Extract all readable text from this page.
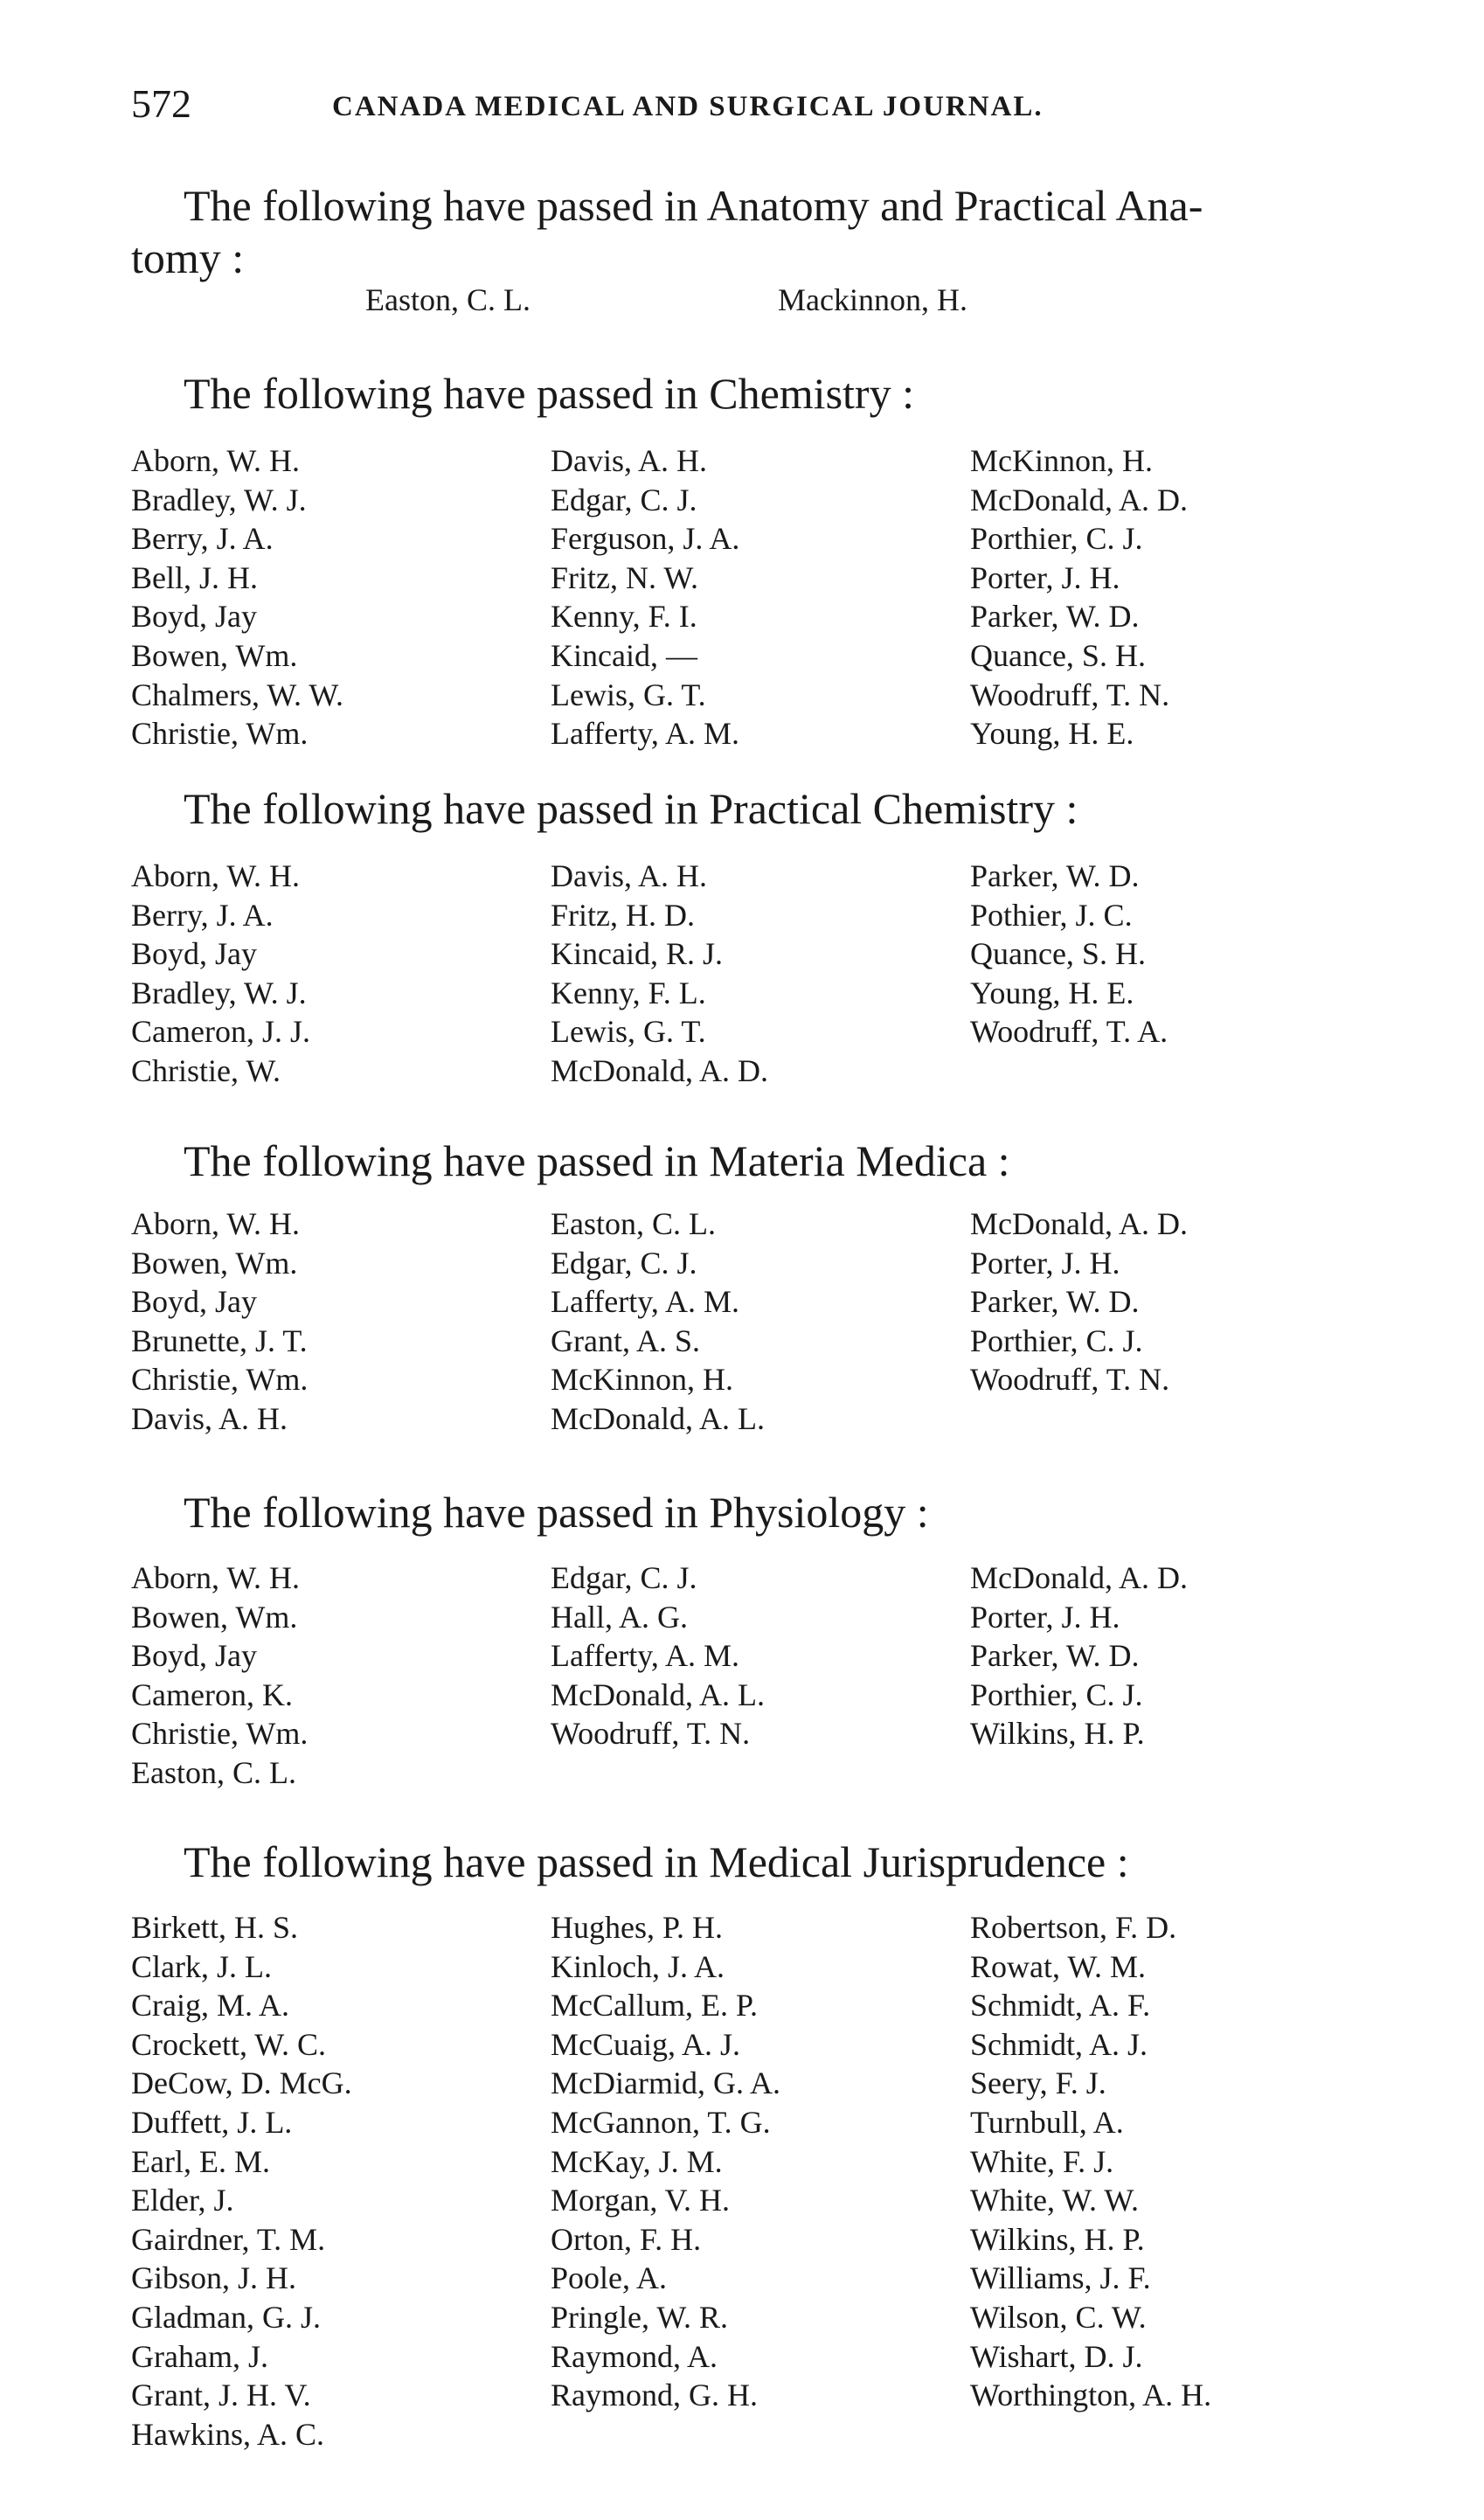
572	CANADA MEDICAL AND SURGICAL JOURNAL.
The following have passed in Anatomy and Practical Ana-
tomy :
Easton, C. L.	Mackinnon, H.
The following have passed in Chemistry :
Aborn, W. H.
Bradley, W. J.
Berry, J. A.
Bell, J. H.
Boyd, Jay
Bowen, Wm.
Chalmers, W. W.
Christie, Wm.
Davis, A. H.
Edgar, C. J.
Ferguson, J. A.
Fritz, N. W.
Kenny, F. I.
Kincaid, —
Lewis, G. T.
Lafferty, A. M.
McKinnon, H.
McDonald, A. D.
Porthier, C. J.
Porter, J. H.
Parker, W. D.
Quance, S. H.
Woodruff, T. N.
Young, H. E.
The following have passed in Practical Chemistry :
Aborn, W. H.
Berry, J. A.
Boyd, Jay
Bradley, W. J.
Cameron, J. J.
Christie, W.
Davis, A. H.
Fritz, H. D.
Kincaid, R. J.
Kenny, F. L.
Lewis, G. T.
McDonald, A. D.
Parker, W. D.
Pothier, J. C.
Quance, S. H.
Young, H. E.
Woodruff, T. A.
The following have passed in Materia Medica :
Aborn, W. H.
Bowen, Wm.
Boyd, Jay
Brunette, J. T.
Christie, Wm.
Davis, A. H.
Easton, C. L.
Edgar, C. J.
Lafferty, A. M.
Grant, A. S.
McKinnon, H.
McDonald, A. L.
McDonald, A. D.
Porter, J. H.
Parker, W. D.
Porthier, C. J.
Woodruff, T. N.
The following have passed in Physiology :
Aborn, W. H.
Bowen, Wm.
Boyd, Jay
Cameron, K.
Christie, Wm.
Easton, C. L.
Edgar, C. J.
Hall, A. G.
Lafferty, A. M.
McDonald, A. L.
Woodruff, T. N.
McDonald, A. D.
Porter, J. H.
Parker, W. D.
Porthier, C. J.
Wilkins, H. P.
The following have passed in Medical Jurisprudence :
Birkett, H. S.
Clark, J. L.
Craig, M. A.
Crockett, W. C.
DeCow, D. McG.
Duffett, J. L.
Earl, E. M.
Elder, J.
Gairdner, T. M.
Gibson, J. H.
Gladman, G. J.
Graham, J.
Grant, J. H. V.
Hawkins, A. C.
Hughes, P. H.
Kinloch, J. A.
McCallum, E. P.
McCuaig, A. J.
McDiarmid, G. A.
McGannon, T. G.
McKay, J. M.
Morgan, V. H.
Orton, F. H.
Poole, A.
Pringle, W. R.
Raymond, A.
Raymond, G. H.
Robertson, F. D.
Rowat, W. M.
Schmidt, A. F.
Schmidt, A. J.
Seery, F. J.
Turnbull, A.
White, F. J.
White, W. W.
Wilkins, H. P.
Williams, J. F.
Wilson, C. W.
Wishart, D. J.
Worthington, A. H.
